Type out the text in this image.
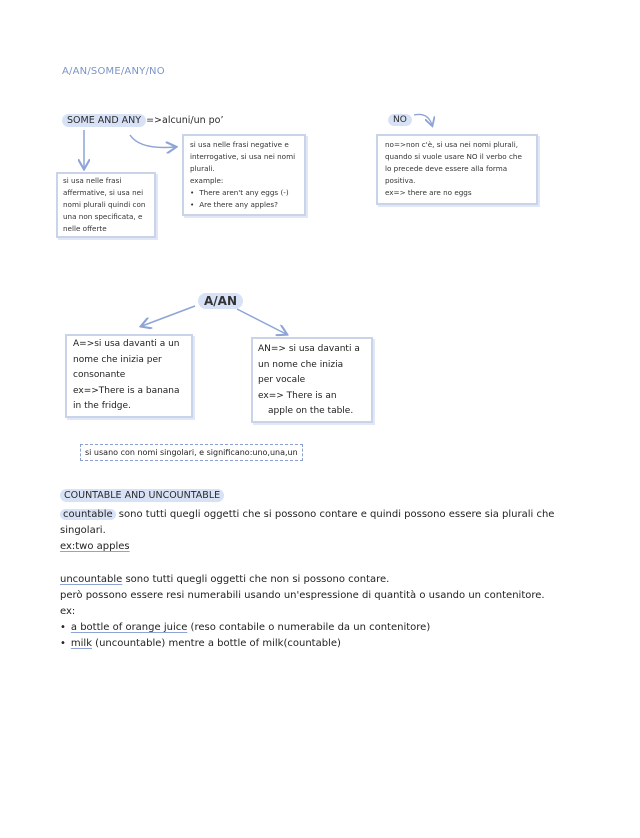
A/AN/SOME/ANY/NO
SOME AND ANY =>alcuni/un po’
si usa nelle frasi affermative, si usa nei nomi plurali quindi con una non specificata, e nelle offerte
si usa nelle frasi negative e
interrogative, si usa nei nomi
plurali.
example:
• There aren't any eggs (-)
• Are there any apples?
NO
no=>non c'è, si usa nei nomi plurali,
quando si vuole usare NO il verbo che
lo precede deve essere alla forma
positiva.
ex=> there are no eggs
A/AN
A=>si usa davanti a un
nome che inizia per
consonante
ex=>There is a banana
in the fridge.
AN=> si usa davanti a
un nome che inizia
per vocale
ex=> There is an
apple on the table.
si usano con nomi singolari, e significano:uno,una,un
COUNTABLE AND UNCOUNTABLE
countable sono tutti quegli oggetti che si possono contare e quindi possono essere sia plurali che
singolari.
ex:two apples
uncountable sono tutti quegli oggetti che non si possono contare.
però possono essere resi numerabili usando un'espressione di quantità o usando un contenitore.
ex:
• a bottle of orange juice (reso contabile o numerabile da un contenitore)
• milk (uncountable) mentre a bottle of milk(countable)
